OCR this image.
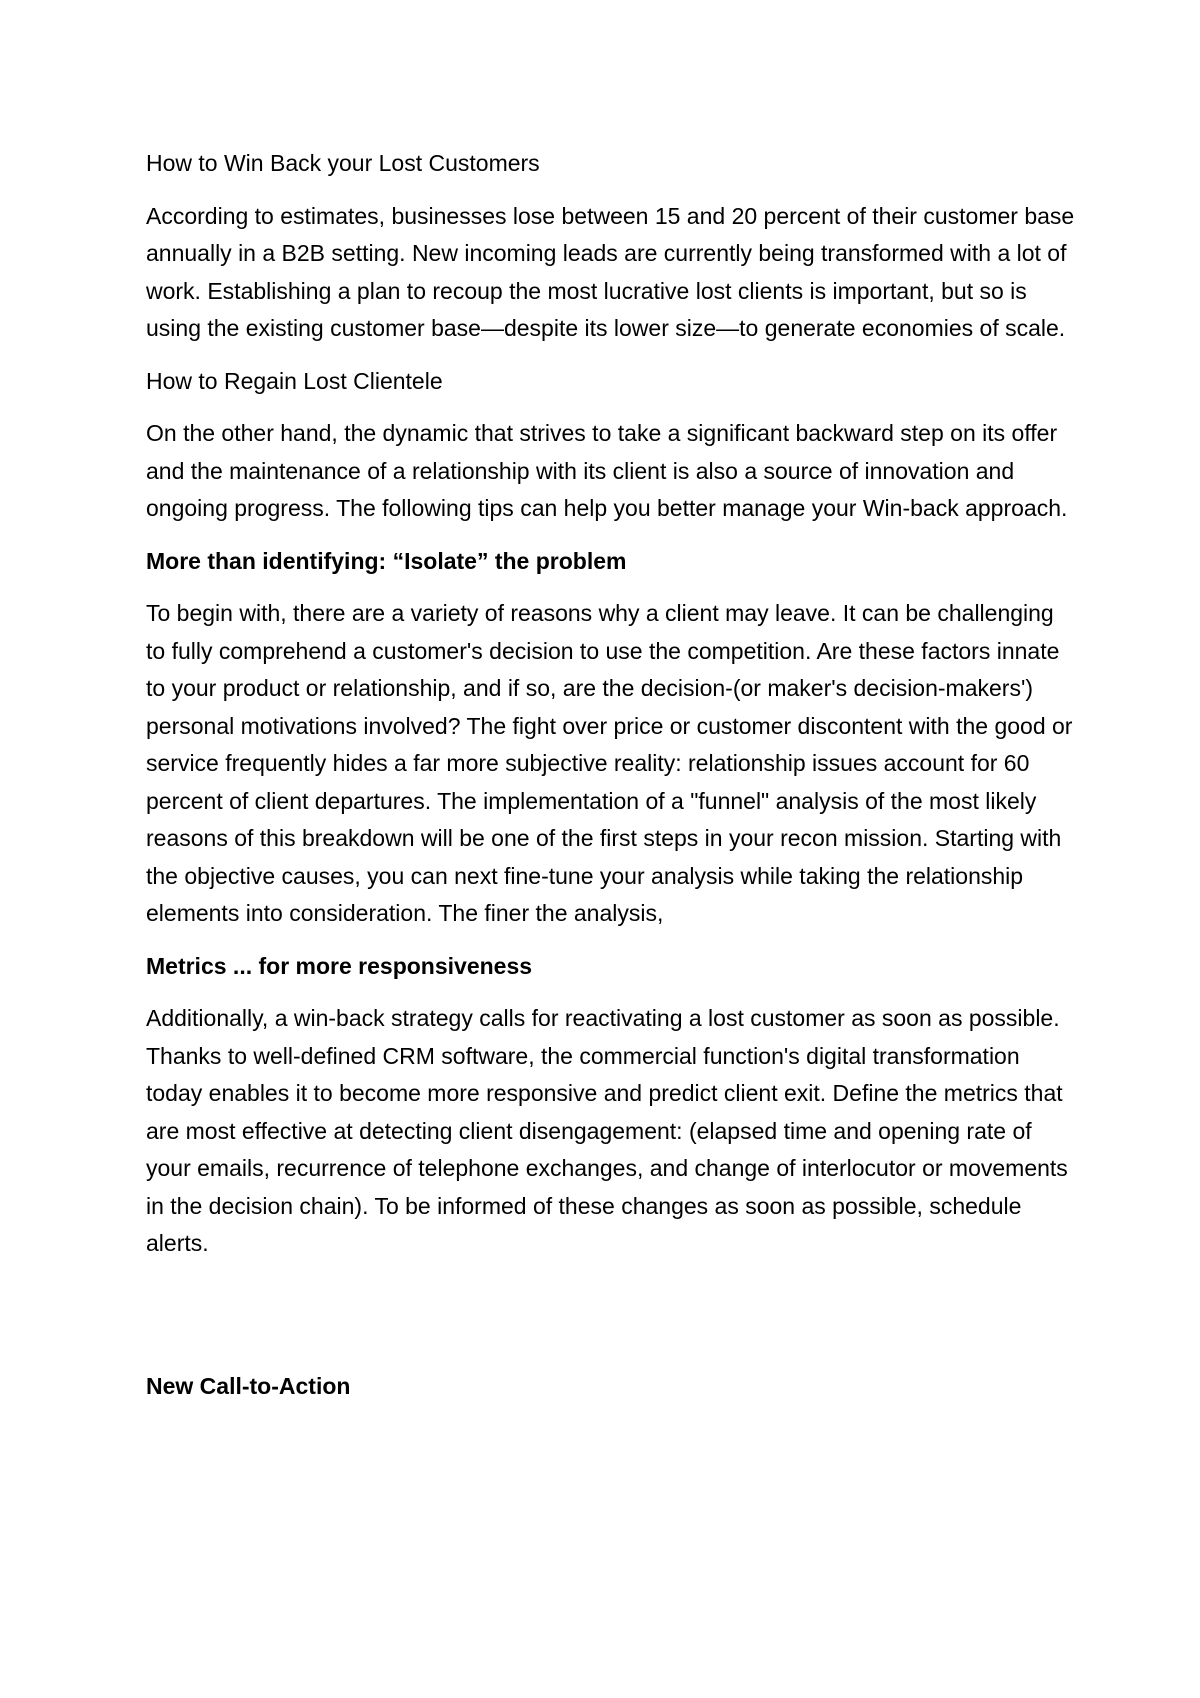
How to Win Back your Lost Customers

According to estimates, businesses lose between 15 and 20 percent of their customer base annually in a B2B setting. New incoming leads are currently being transformed with a lot of work. Establishing a plan to recoup the most lucrative lost clients is important, but so is using the existing customer base—despite its lower size—to generate economies of scale.

How to Regain Lost Clientele

On the other hand, the dynamic that strives to take a significant backward step on its offer and the maintenance of a relationship with its client is also a source of innovation and ongoing progress. The following tips can help you better manage your Win-back approach.

More than identifying: “Isolate” the problem

To begin with, there are a variety of reasons why a client may leave. It can be challenging to fully comprehend a customer's decision to use the competition. Are these factors innate to your product or relationship, and if so, are the decision-(or maker's decision-makers') personal motivations involved? The fight over price or customer discontent with the good or service frequently hides a far more subjective reality: relationship issues account for 60 percent of client departures. The implementation of a "funnel" analysis of the most likely reasons of this breakdown will be one of the first steps in your recon mission. Starting with the objective causes, you can next fine-tune your analysis while taking the relationship elements into consideration. The finer the analysis,

Metrics ... for more responsiveness

Additionally, a win-back strategy calls for reactivating a lost customer as soon as possible. Thanks to well-defined CRM software, the commercial function's digital transformation today enables it to become more responsive and predict client exit. Define the metrics that are most effective at detecting client disengagement: (elapsed time and opening rate of your emails, recurrence of telephone exchanges, and change of interlocutor or movements in the decision chain). To be informed of these changes as soon as possible, schedule alerts.

New Call-to-Action
